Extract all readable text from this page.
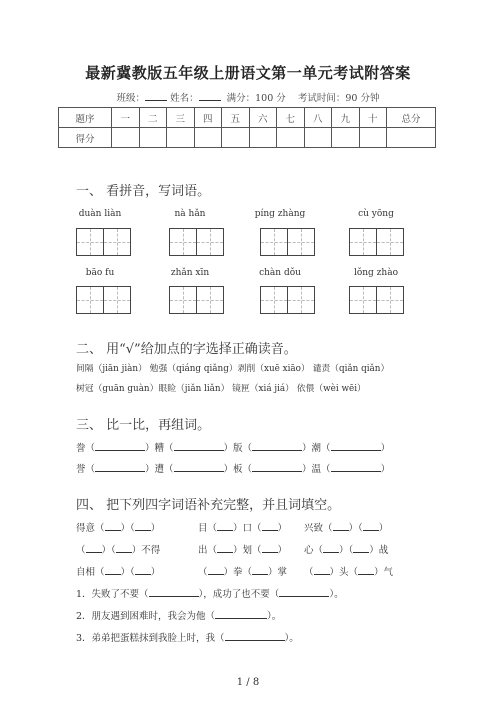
最新冀教版五年级上册语文第一单元考试附答案
班级：	姓名：	满分：100 分 考试时间：90 分钟
题序	一	二	三	四	五	六	七	八	九	十	总分
得分											
一、 看拼音，写词语。
duàn liàn	nà hǎn	píng zhàng	cù yōng
bāo fu	zhǎn xīn	chàn dǒu	lǒng zhào
二、 用“√”给加点的字选择正确读音。
间隔（jiān jiàn） 勉强（qiáng qiǎng）剥削（xuē xiāo） 谴责（qiǎn qiǎn）
树冠（guān guàn）眼睑（jiǎn liǎn） 镜匣（xiá jiá） 依偎（wèi wēi）
三、 比一比，再组词。
誊（	）糟（	）版（	）潮（	）
誉（	）遭（	）板（	）温（	）
四、 把下列四字词语补充完整，并且词填空。
得意（ ）（ ）	目（ ）口（ ） 兴致（ ）（ ）
（ ）（ ）不得	出（ ）划（ ） 心（ ）（ ）战
自相（ ）（ ）	（ ）拳（ ）掌 （ ）头（ ）气
1．失败了不要（	），成功了也不要（	）。
2．朋友遇到困难时，我会为他（	）。
3．弟弟把蛋糕抹到我脸上时，我（	）。
1 / 8
